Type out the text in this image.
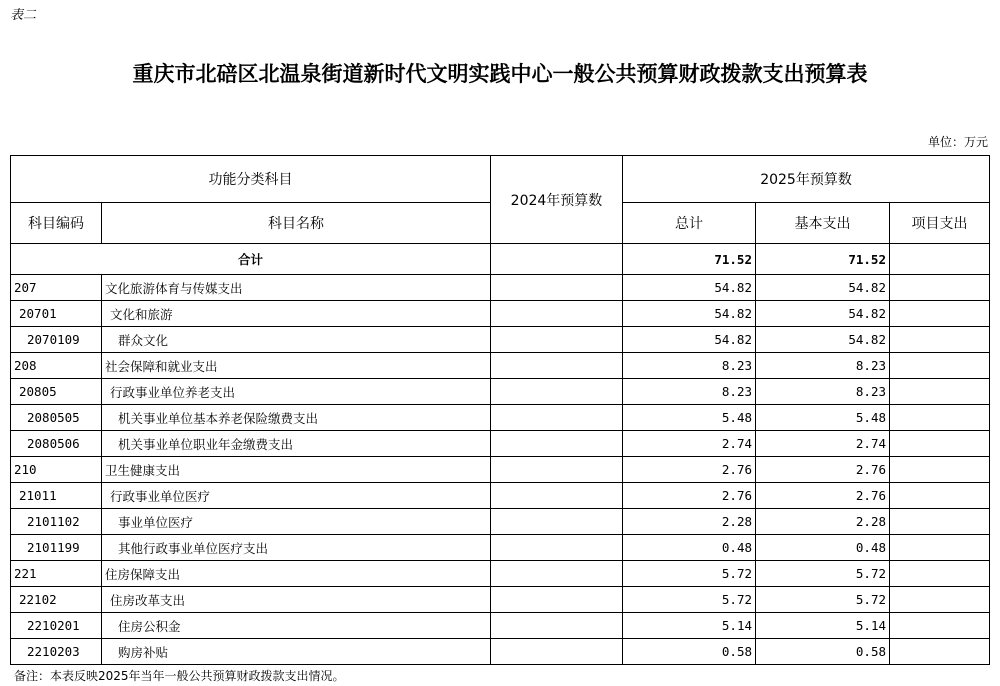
表二
重庆市北碚区北温泉街道新时代文明实践中心一般公共预算财政拨款支出预算表
单位：万元
功能分类科目		2024年预算数	2025年预算数		
科目编码	科目名称		总计	基本支出	项目支出
合计			71.52	71.52	
207	文化旅游体育与传媒支出		54.82	54.82	
20701	文化和旅游		54.82	54.82	
2070109	群众文化		54.82	54.82	
208	社会保障和就业支出		8.23	8.23	
20805	行政事业单位养老支出		8.23	8.23	
2080505	机关事业单位基本养老保险缴费支出		5.48	5.48	
2080506	机关事业单位职业年金缴费支出		2.74	2.74	
210	卫生健康支出		2.76	2.76	
21011	行政事业单位医疗		2.76	2.76	
2101102	事业单位医疗		2.28	2.28	
2101199	其他行政事业单位医疗支出		0.48	0.48	
221	住房保障支出		5.72	5.72	
22102	住房改革支出		5.72	5.72	
2210201	住房公积金		5.14	5.14	
2210203	购房补贴		0.58	0.58	
备注：本表反映2025年当年一般公共预算财政拨款支出情况。
